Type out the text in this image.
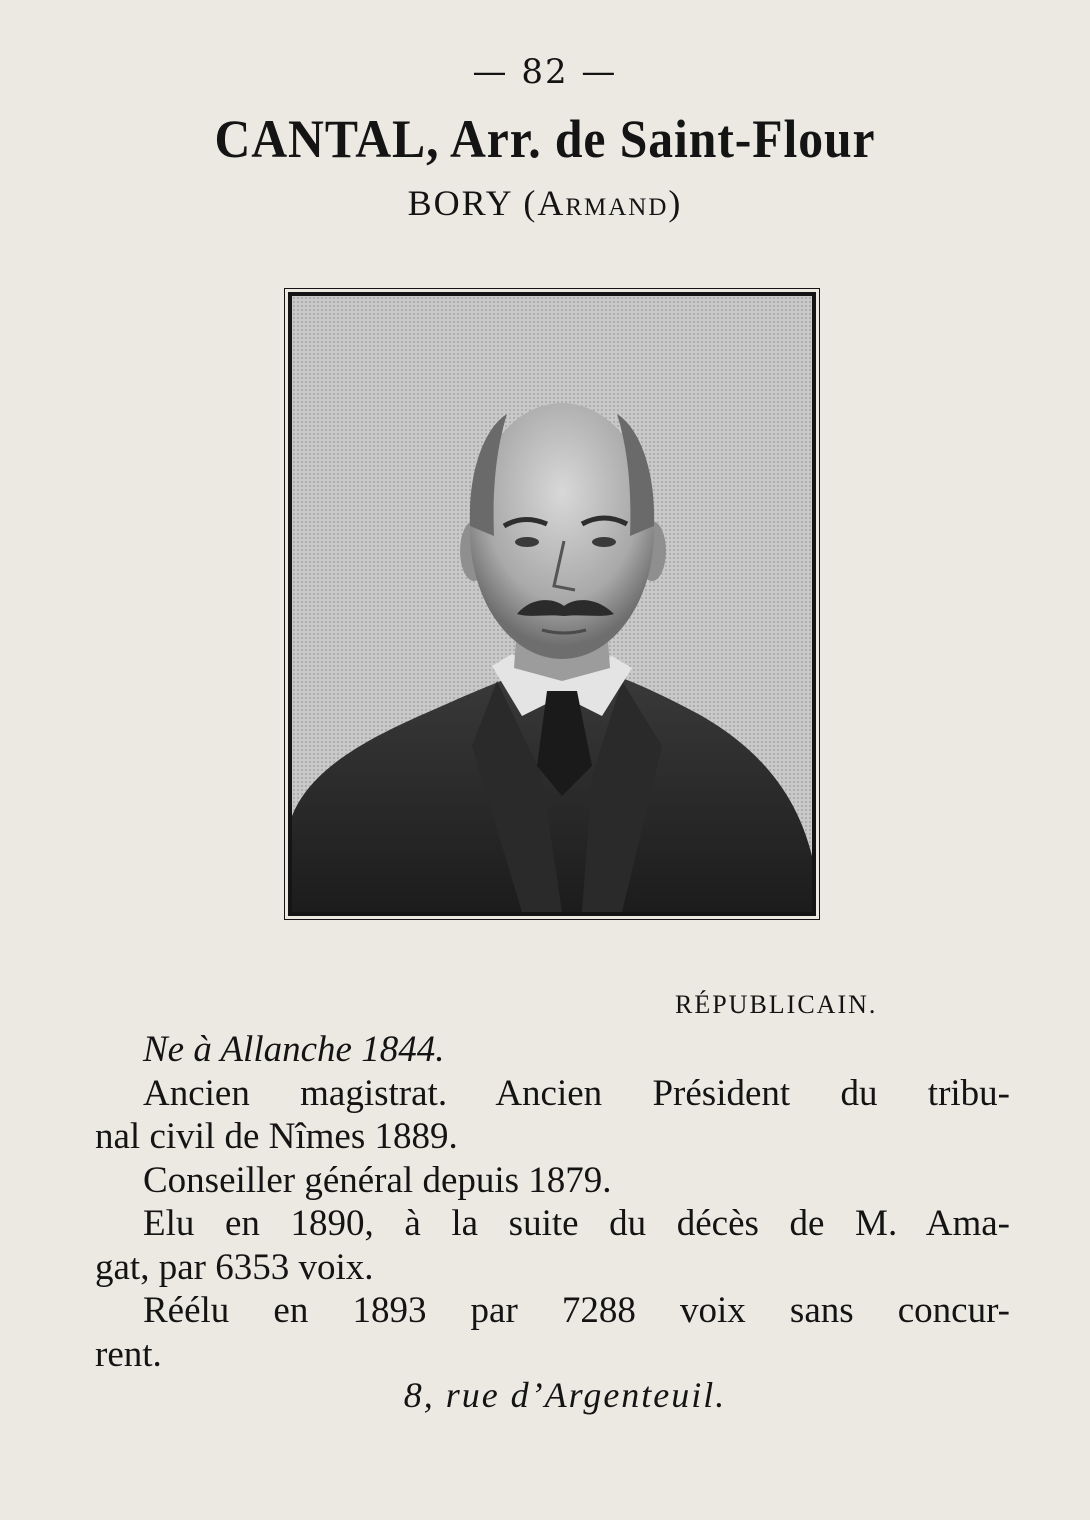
— 82 —
CANTAL, Arr. de Saint-Flour
BORY (Armand)
RÉPUBLICAIN.
Ne à Allanche 1844.
Ancien magistrat. Ancien Président du tribu-
nal civil de Nîmes 1889.
Conseiller général depuis 1879.
Elu en 1890, à la suite du décès de M. Ama-
gat, par 6353 voix.
Réélu en 1893 par 7288 voix sans concur-
rent.
8, rue d’Argenteuil.
